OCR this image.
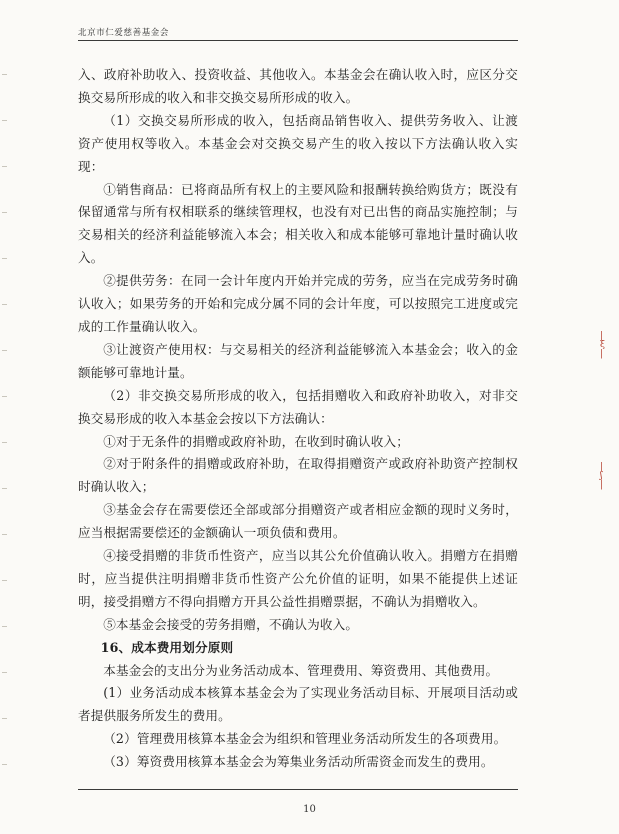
北京市仁爱慈善基金会

入、政府补助收入、投资收益、其他收入。本基金会在确认收入时，应区分交换交易所形成的收入和非交换交易所形成的收入。

（1）交换交易所形成的收入，包括商品销售收入、提供劳务收入、让渡资产使用权等收入。本基金会对交换交易产生的收入按以下方法确认收入实现：

①销售商品：已将商品所有权上的主要风险和报酬转换给购货方；既没有保留通常与所有权相联系的继续管理权，也没有对已出售的商品实施控制；与交易相关的经济利益能够流入本会；相关收入和成本能够可靠地计量时确认收入。

②提供劳务：在同一会计年度内开始并完成的劳务，应当在完成劳务时确认收入；如果劳务的开始和完成分属不同的会计年度，可以按照完工进度或完成的工作量确认收入。

③让渡资产使用权：与交易相关的经济利益能够流入本基金会；收入的金额能够可靠地计量。

（2）非交换交易所形成的收入，包括捐赠收入和政府补助收入，对非交换交易形成的收入本基金会按以下方法确认：

①对于无条件的捐赠或政府补助，在收到时确认收入；

②对于附条件的捐赠或政府补助，在取得捐赠资产或政府补助资产控制权时确认收入；

③基金会存在需要偿还全部或部分捐赠资产或者相应金额的现时义务时，应当根据需要偿还的金额确认一项负债和费用。

④接受捐赠的非货币性资产，应当以其公允价值确认收入。捐赠方在捐赠时，应当提供注明捐赠非货币性资产公允价值的证明，如果不能提供上述证明，接受捐赠方不得向捐赠方开具公益性捐赠票据，不确认为捐赠收入。

⑤本基金会接受的劳务捐赠，不确认为收入。

16、成本费用划分原则

本基金会的支出分为业务活动成本、管理费用、筹资费用、其他费用。

(1）业务活动成本核算本基金会为了实现业务活动目标、开展项目活动或者提供服务所发生的费用。

（2）管理费用核算本基金会为组织和管理业务活动所发生的各项费用。

（3）筹资费用核算本基金会为筹集业务活动所需资金而发生的费用。

10
|
ξ
|
|
ʃ
|
